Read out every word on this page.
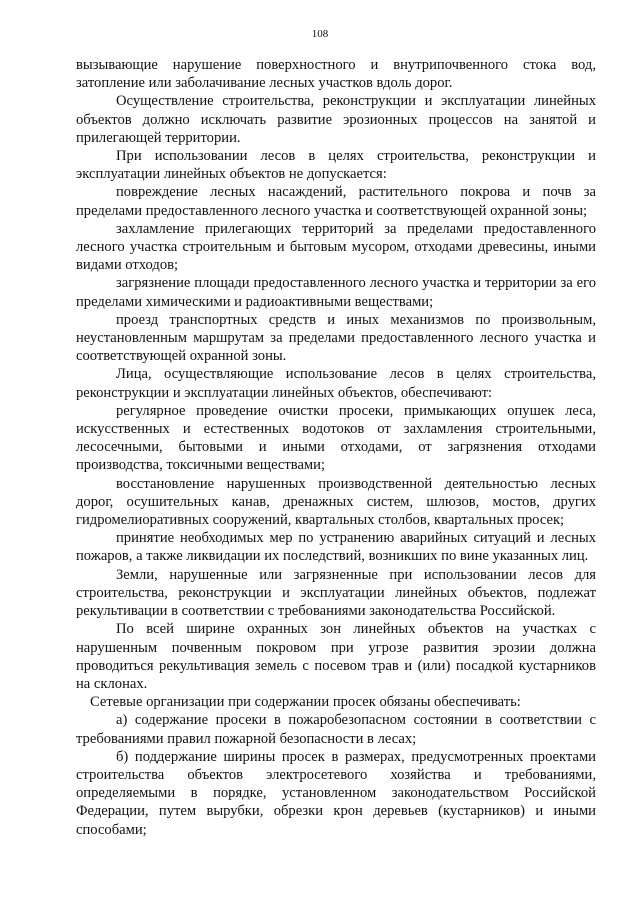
108

вызывающие нарушение поверхностного и внутрипочвенного стока вод, затопление или заболачивание лесных участков вдоль дорог.

Осуществление строительства, реконструкции и эксплуатации линейных объектов должно исключать развитие эрозионных процессов на занятой и прилегающей территории.

При использовании лесов в целях строительства, реконструкции и эксплуатации линейных объектов не допускается:

повреждение лесных насаждений, растительного покрова и почв за пределами предоставленного лесного участка и соответствующей охранной зоны;

захламление прилегающих территорий за пределами предоставленного лесного участка строительным и бытовым мусором, отходами древесины, иными видами отходов;

загрязнение площади предоставленного лесного участка и территории за его пределами химическими и радиоактивными веществами;

проезд транспортных средств и иных механизмов по произвольным, неустановленным маршрутам за пределами предоставленного лесного участка и соответствующей охранной зоны.

Лица, осуществляющие использование лесов в целях строительства, реконструкции и эксплуатации линейных объектов, обеспечивают:

регулярное проведение очистки просеки, примыкающих опушек леса, искусственных и естественных водотоков от захламления строительными, лесосечными, бытовыми и иными отходами, от загрязнения отходами производства, токсичными веществами;

восстановление нарушенных производственной деятельностью лесных дорог, осушительных канав, дренажных систем, шлюзов, мостов, других гидромелиоративных сооружений, квартальных столбов, квартальных просек;

принятие необходимых мер по устранению аварийных ситуаций и лесных пожаров, а также ликвидации их последствий, возникших по вине указанных лиц.

Земли, нарушенные или загрязненные при использовании лесов для строительства, реконструкции и эксплуатации линейных объектов, подлежат рекультивации в соответствии с требованиями законодательства Российской.

По всей ширине охранных зон линейных объектов на участках с нарушенным почвенным покровом при угрозе развития эрозии должна проводиться рекультивация земель с посевом трав и (или) посадкой кустарников на склонах.

Сетевые организации при содержании просек обязаны обеспечивать:

а) содержание просеки в пожаробезопасном состоянии в соответствии с требованиями правил пожарной безопасности в лесах;

б) поддержание ширины просек в размерах, предусмотренных проектами строительства объектов электросетевого хозяйства и требованиями, определяемыми в порядке, установленном законодательством Российской Федерации, путем вырубки, обрезки крон деревьев (кустарников) и иными способами;
